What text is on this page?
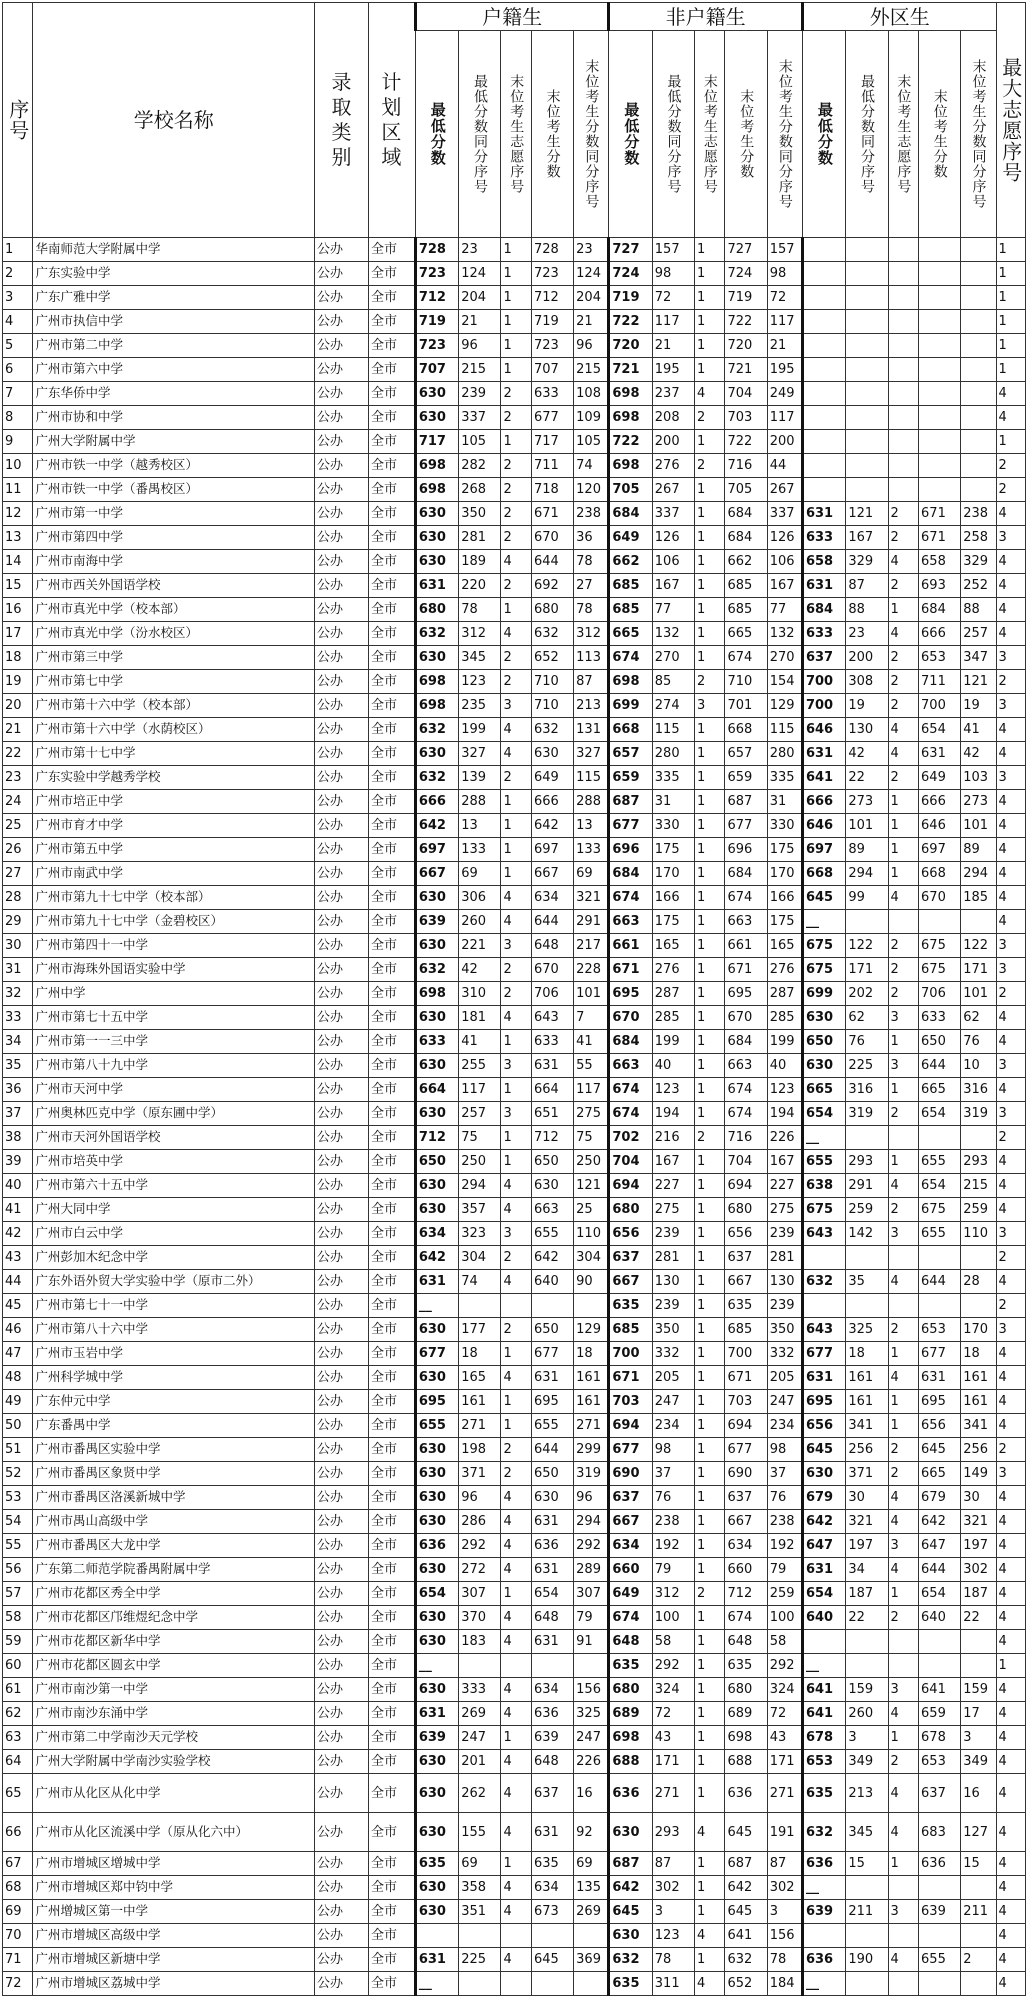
序号	学校名称	录取类别	计划区域	户籍生					非户籍生					外区生					最大志愿序号
				最低分数	最低分数同分序号	末位考生志愿序号	末位考生分数	末位考生分数同分序号	最低分数	最低分数同分序号	末位考生志愿序号	末位考生分数	末位考生分数同分序号	最低分数	最低分数同分序号	末位考生志愿序号	末位考生分数	末位考生分数同分序号	
1	华南师范大学附属中学	公办	全市	728	23	1	728	23	727	157	1	727	157						1
2	广东实验中学	公办	全市	723	124	1	723	124	724	98	1	724	98						1
3	广东广雅中学	公办	全市	712	204	1	712	204	719	72	1	719	72						1
4	广州市执信中学	公办	全市	719	21	1	719	21	722	117	1	722	117						1
5	广州市第二中学	公办	全市	723	96	1	723	96	720	21	1	720	21						1
6	广州市第六中学	公办	全市	707	215	1	707	215	721	195	1	721	195						1
7	广东华侨中学	公办	全市	630	239	2	633	108	698	237	4	704	249						4
8	广州市协和中学	公办	全市	630	337	2	677	109	698	208	2	703	117						4
9	广州大学附属中学	公办	全市	717	105	1	717	105	722	200	1	722	200						1
10	广州市铁一中学（越秀校区）	公办	全市	698	282	2	711	74	698	276	2	716	44						2
11	广州市铁一中学（番禺校区）	公办	全市	698	268	2	718	120	705	267	1	705	267						2
12	广州市第一中学	公办	全市	630	350	2	671	238	684	337	1	684	337	631	121	2	671	238	4
13	广州市第四中学	公办	全市	630	281	2	670	36	649	126	1	684	126	633	167	2	671	258	3
14	广州市南海中学	公办	全市	630	189	4	644	78	662	106	1	662	106	658	329	4	658	329	4
15	广州市西关外国语学校	公办	全市	631	220	2	692	27	685	167	1	685	167	631	87	2	693	252	4
16	广州市真光中学（校本部）	公办	全市	680	78	1	680	78	685	77	1	685	77	684	88	1	684	88	4
17	广州市真光中学（汾水校区）	公办	全市	632	312	4	632	312	665	132	1	665	132	633	23	4	666	257	4
18	广州市第三中学	公办	全市	630	345	2	652	113	674	270	1	674	270	637	200	2	653	347	3
19	广州市第七中学	公办	全市	698	123	2	710	87	698	85	2	710	154	700	308	2	711	121	2
20	广州市第十六中学（校本部）	公办	全市	698	235	3	710	213	699	274	3	701	129	700	19	2	700	19	3
21	广州市第十六中学（水荫校区）	公办	全市	632	199	4	632	131	668	115	1	668	115	646	130	4	654	41	4
22	广州市第十七中学	公办	全市	630	327	4	630	327	657	280	1	657	280	631	42	4	631	42	4
23	广东实验中学越秀学校	公办	全市	632	139	2	649	115	659	335	1	659	335	641	22	2	649	103	3
24	广州市培正中学	公办	全市	666	288	1	666	288	687	31	1	687	31	666	273	1	666	273	4
25	广州市育才中学	公办	全市	642	13	1	642	13	677	330	1	677	330	646	101	1	646	101	4
26	广州市第五中学	公办	全市	697	133	1	697	133	696	175	1	696	175	697	89	1	697	89	4
27	广州市南武中学	公办	全市	667	69	1	667	69	684	170	1	684	170	668	294	1	668	294	4
28	广州市第九十七中学（校本部）	公办	全市	630	306	4	634	321	674	166	1	674	166	645	99	4	670	185	4
29	广州市第九十七中学（金碧校区）	公办	全市	639	260	4	644	291	663	175	1	663	175	__					4
30	广州市第四十一中学	公办	全市	630	221	3	648	217	661	165	1	661	165	675	122	2	675	122	3
31	广州市海珠外国语实验中学	公办	全市	632	42	2	670	228	671	276	1	671	276	675	171	2	675	171	3
32	广州中学	公办	全市	698	310	2	706	101	695	287	1	695	287	699	202	2	706	101	2
33	广州市第七十五中学	公办	全市	630	181	4	643	7	670	285	1	670	285	630	62	3	633	62	4
34	广州市第一一三中学	公办	全市	633	41	1	633	41	684	199	1	684	199	650	76	1	650	76	4
35	广州市第八十九中学	公办	全市	630	255	3	631	55	663	40	1	663	40	630	225	3	644	10	3
36	广州市天河中学	公办	全市	664	117	1	664	117	674	123	1	674	123	665	316	1	665	316	4
37	广州奥林匹克中学（原东圃中学）	公办	全市	630	257	3	651	275	674	194	1	674	194	654	319	2	654	319	3
38	广州市天河外国语学校	公办	全市	712	75	1	712	75	702	216	2	716	226	__					2
39	广州市培英中学	公办	全市	650	250	1	650	250	704	167	1	704	167	655	293	1	655	293	4
40	广州市第六十五中学	公办	全市	630	294	4	630	121	694	227	1	694	227	638	291	4	654	215	4
41	广州大同中学	公办	全市	630	357	4	663	25	680	275	1	680	275	675	259	2	675	259	4
42	广州市白云中学	公办	全市	634	323	3	655	110	656	239	1	656	239	643	142	3	655	110	3
43	广州彭加木纪念中学	公办	全市	642	304	2	642	304	637	281	1	637	281						2
44	广东外语外贸大学实验中学（原市二外）	公办	全市	631	74	4	640	90	667	130	1	667	130	632	35	4	644	28	4
45	广州市第七十一中学	公办	全市	__					635	239	1	635	239						2
46	广州市第八十六中学	公办	全市	630	177	2	650	129	685	350	1	685	350	643	325	2	653	170	3
47	广州市玉岩中学	公办	全市	677	18	1	677	18	700	332	1	700	332	677	18	1	677	18	4
48	广州科学城中学	公办	全市	630	165	4	631	161	671	205	1	671	205	631	161	4	631	161	4
49	广东仲元中学	公办	全市	695	161	1	695	161	703	247	1	703	247	695	161	1	695	161	4
50	广东番禺中学	公办	全市	655	271	1	655	271	694	234	1	694	234	656	341	1	656	341	4
51	广州市番禺区实验中学	公办	全市	630	198	2	644	299	677	98	1	677	98	645	256	2	645	256	2
52	广州市番禺区象贤中学	公办	全市	630	371	2	650	319	690	37	1	690	37	630	371	2	665	149	3
53	广州市番禺区洛溪新城中学	公办	全市	630	96	4	630	96	637	76	1	637	76	679	30	4	679	30	4
54	广州市禺山高级中学	公办	全市	630	286	4	631	294	667	238	1	667	238	642	321	4	642	321	4
55	广州市番禺区大龙中学	公办	全市	636	292	4	636	292	634	192	1	634	192	647	197	3	647	197	4
56	广东第二师范学院番禺附属中学	公办	全市	630	272	4	631	289	660	79	1	660	79	631	34	4	644	302	4
57	广州市花都区秀全中学	公办	全市	654	307	1	654	307	649	312	2	712	259	654	187	1	654	187	4
58	广州市花都区邝维煜纪念中学	公办	全市	630	370	4	648	79	674	100	1	674	100	640	22	2	640	22	4
59	广州市花都区新华中学	公办	全市	630	183	4	631	91	648	58	1	648	58						4
60	广州市花都区圆玄中学	公办	全市	__					635	292	1	635	292	__					1
61	广州市南沙第一中学	公办	全市	630	333	4	634	156	680	324	1	680	324	641	159	3	641	159	4
62	广州市南沙东涌中学	公办	全市	631	269	4	636	325	689	72	1	689	72	641	260	4	659	17	4
63	广州市第二中学南沙天元学校	公办	全市	639	247	1	639	247	698	43	1	698	43	678	3	1	678	3	4
64	广州大学附属中学南沙实验学校	公办	全市	630	201	4	648	226	688	171	1	688	171	653	349	2	653	349	4
65	广州市从化区从化中学	公办	全市	630	262	4	637	16	636	271	1	636	271	635	213	4	637	16	4
66	广州市从化区流溪中学（原从化六中）	公办	全市	630	155	4	631	92	630	293	4	645	191	632	345	4	683	127	4
67	广州市增城区增城中学	公办	全市	635	69	1	635	69	687	87	1	687	87	636	15	1	636	15	4
68	广州市增城区郑中钧中学	公办	全市	630	358	4	634	135	642	302	1	642	302	__					4
69	广州增城区第一中学	公办	全市	630	351	4	673	269	645	3	1	645	3	639	211	3	639	211	4
70	广州市增城区高级中学	公办	全市						630	123	4	641	156						4
71	广州市增城区新塘中学	公办	全市	631	225	4	645	369	632	78	1	632	78	636	190	4	655	2	4
72	广州市增城区荔城中学	公办	全市	__					635	311	4	652	184	__					4
